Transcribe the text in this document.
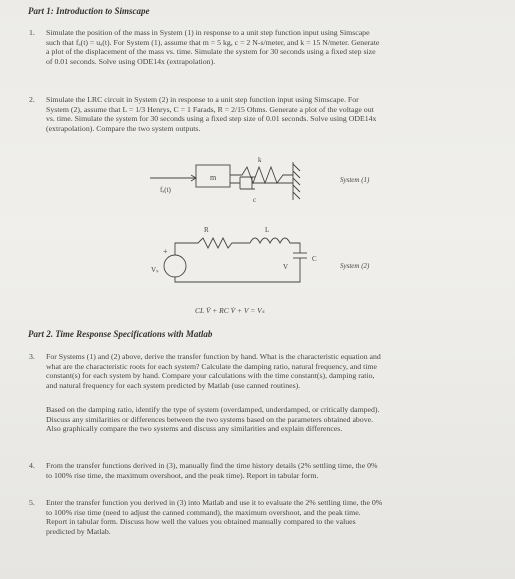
Part 1: Introduction to Simscape
1. Simulate the position of the mass in System (1) in response to a unit step function input using Simscape
such that fₐ(t) = uₐ(t). For System (1), assume that m = 5 kg, c = 2 N-s/meter, and k = 15 N/meter. Generate
a plot of the displacement of the mass vs. time. Simulate the system for 30 seconds using a fixed step size
of 0.01 seconds. Solve using ODE14x (extrapolation).
2. Simulate the LRC circuit in System (2) in response to a unit step function input using Simscape. For
System (2), assume that L = 1/3 Henrys, C = 1 Farads, R = 2/15 Ohms. Generate a plot of the voltage out
vs. time. Simulate the system for 30 seconds using a fixed step size of 0.01 seconds. Solve using ODE14x
(extrapolation). Compare the two system outputs.
m
k
c
fₐ(t)
System (1)
R	L
C
V
Vₛ
+
System (2)
CL V̈ + RC V̇ + V = Vₛ
Part 2. Time Response Specifications with Matlab
3. For Systems (1) and (2) above, derive the transfer function by hand. What is the characteristic equation and
what are the characteristic roots for each system? Calculate the damping ratio, natural frequency, and time
constant(s) for each system by hand. Compare your calculations with the time constant(s), damping ratio,
and natural frequency for each system predicted by Matlab (use canned routines).
Based on the damping ratio, identify the type of system (overdamped, underdamped, or critically damped).
Discuss any similarities or differences between the two systems based on the parameters obtained above.
Also graphically compare the two systems and discuss any similarities and explain differences.
4. From the transfer functions derived in (3), manually find the time history details (2% settling time, the 0%
to 100% rise time, the maximum overshoot, and the peak time). Report in tabular form.
5. Enter the transfer function you derived in (3) into Matlab and use it to evaluate the 2% settling time, the 0%
to 100% rise time (need to adjust the canned command), the maximum overshoot, and the peak time.
Report in tabular form. Discuss how well the values you obtained manually compared to the values
predicted by Matlab.
